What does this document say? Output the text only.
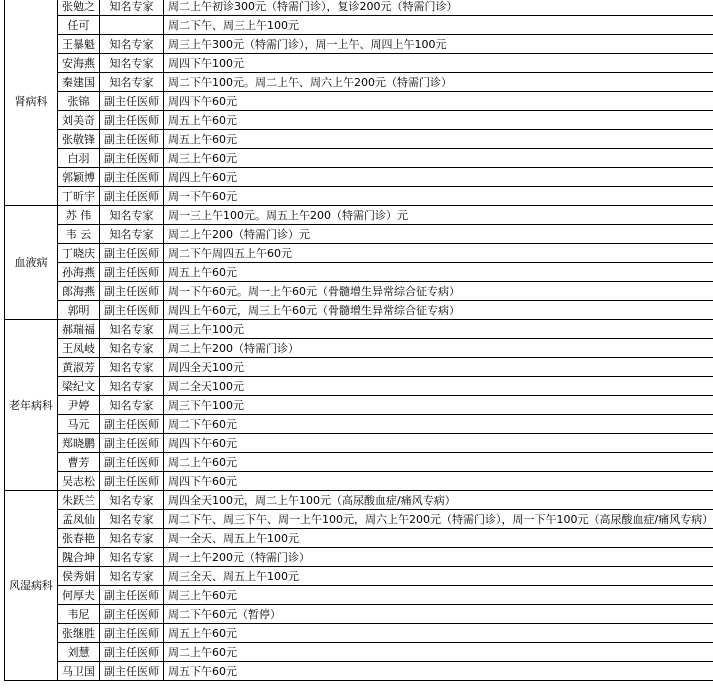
肾病科	张勉之	知名专家	周二上午初诊300元（特需门诊），复诊200元（特需门诊）
	任可		周二下午、周三上午100元
	王暴魁	知名专家	周三上午300元（特需门诊），周一上午、周四上午100元
	安海燕	知名专家	周四下午100元
	秦建国	知名专家	周二下午100元。周二上午、周六上午200元（特需门诊）
	张锦	副主任医师	周四下午60元
	刘美奇	副主任医师	周五上午60元
	张敬锋	副主任医师	周五上午60元
	白羽	副主任医师	周三上午60元
	郭颖博	副主任医师	周四上午60元
	丁昕宇	副主任医师	周一下午60元
血液病	苏 伟	知名专家	周一三上午100元。周五上午200（特需门诊）元
	韦 云	知名专家	周二上午200（特需门诊）元
	丁晓庆	副主任医师	周二下午周四五上午60元
	孙海燕	副主任医师	周五上午60元
	郎海燕	副主任医师	周一下午60元。周一上午60元（骨髓增生异常综合征专病）
	郭明	副主任医师	周四上午60元，周三上午60元（骨髓增生异常综合征专病）
老年病科	郝瑞福	知名专家	周三上午100元
	王凤岐	知名专家	周二上午200（特需门诊）
	黄淑芳	知名专家	周四全天100元
	梁纪文	知名专家	周二全天100元
	尹婷	知名专家	周三下午100元
	马元	副主任医师	周二下午60元
	郑晓鹏	副主任医师	周四下午60元
	曹芳	副主任医师	周二上午60元
	吴志松	副主任医师	周四下午60元
风湿病科	朱跃兰	知名专家	周四全天100元，周二上午100元（高尿酸血症/痛风专病）
	孟凤仙	知名专家	周二下午、周三下午、周一上午100元，周六上午200元（特需门诊），周一下午100元（高尿酸血症/痛风专病）
	张春艳	知名专家	周一全天、周五上午100元
	隗合坤	知名专家	周一上午200元（特需门诊）
	侯秀娟	知名专家	周三全天、周五上午100元
	何厚夫	副主任医师	周三上午60元
	韦尼	副主任医师	周二下午60元（暂停）
	张继胜	副主任医师	周五上午60元
	刘慧	副主任医师	周二上午60元
	马卫国	副主任医师	周五下午60元
